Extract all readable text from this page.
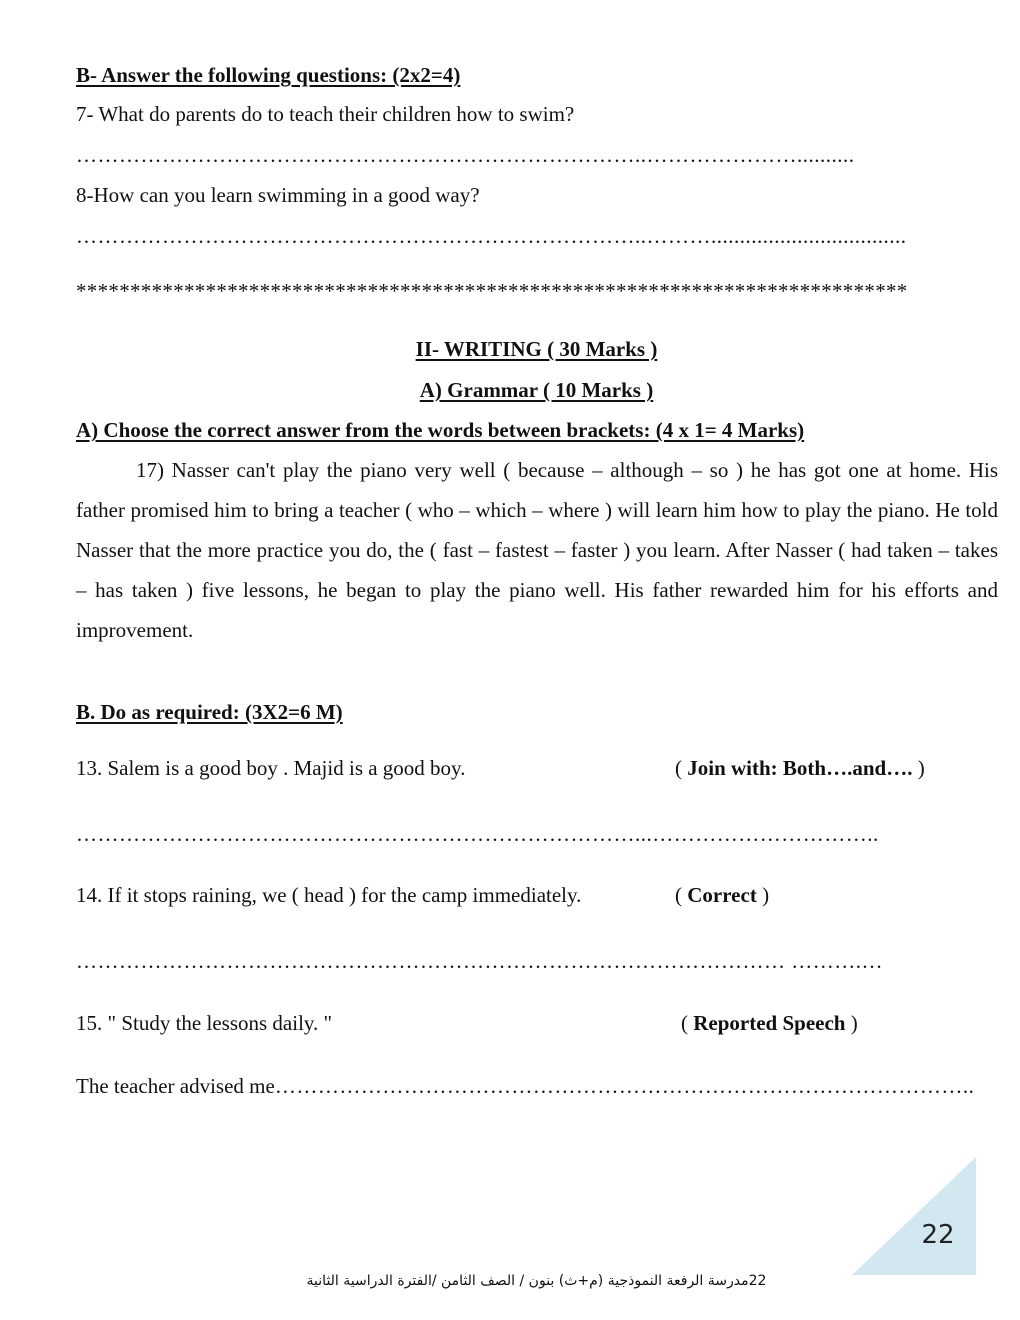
B- Answer the following questions: (2x2=4)
7- What do parents do to teach their children how to swim?
……………………………………………………………………..…………………..........
8-How can you learn swimming in a good way?
……………………………………………………………………..………..................................
*****************************************************************************
II- WRITING ( 30 Marks )
A) Grammar ( 10 Marks )
A) Choose the correct answer from the words between brackets: (4 x 1= 4 Marks)
17) Nasser can't play the piano very well ( because – although – so ) he has got one at home. His father promised him to bring a teacher ( who – which – where ) will learn him how to play the piano. He told Nasser that the more practice you do, the ( fast – fastest – faster ) you learn. After Nasser ( had taken – takes – has taken ) five lessons, he began to play the piano well. His father rewarded him for his efforts and improvement.
B. Do as required: (3X2=6 M)
13. Salem is a good boy . Majid is a good boy.	( Join with: Both….and…. )
……………………………………………………………………...…………………………..
14. If it stops raining, we ( head ) for the camp immediately.	( Correct )
……………………………………………………………………………………… ……….…
15. " Study the lessons daily. "	( Reported Speech )
The teacher advised me……………………………………………………………………………………..
22
22مدرسة الرفعة النموذجية (م+ث) بنون / الصف الثامن /الفترة الدراسية الثانية
